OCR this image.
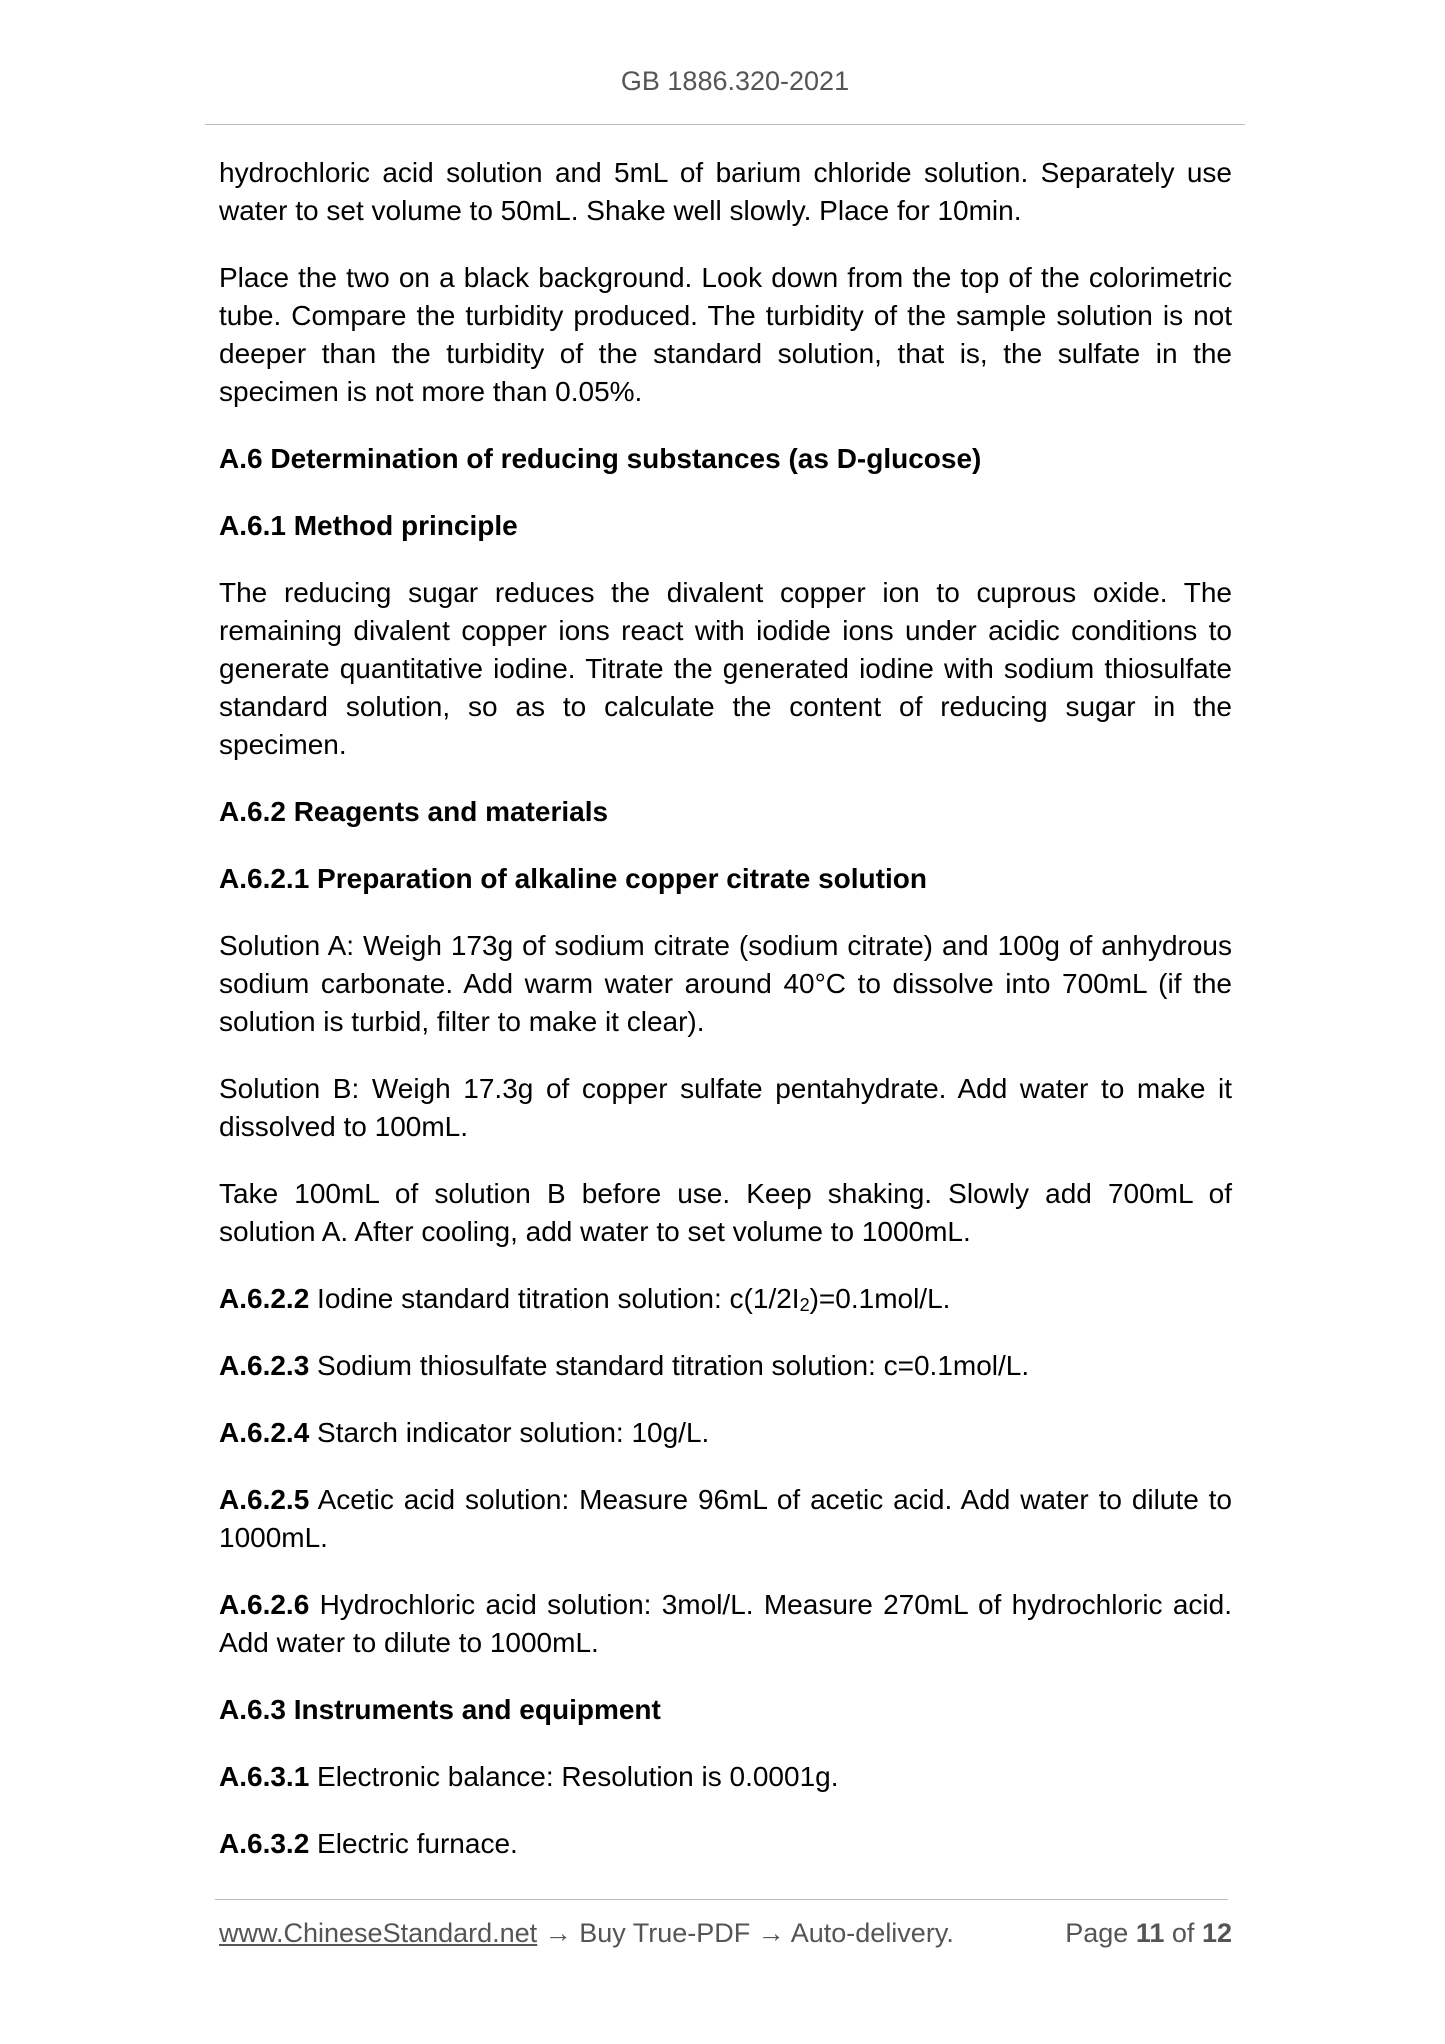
GB 1886.320-2021

hydrochloric acid solution and 5mL of barium chloride solution. Separately use water to set volume to 50mL. Shake well slowly. Place for 10min.

Place the two on a black background. Look down from the top of the colorimetric tube. Compare the turbidity produced. The turbidity of the sample solution is not deeper than the turbidity of the standard solution, that is, the sulfate in the specimen is not more than 0.05%.

A.6 Determination of reducing substances (as D-glucose)
A.6.1 Method principle

The reducing sugar reduces the divalent copper ion to cuprous oxide. The remaining divalent copper ions react with iodide ions under acidic conditions to generate quantitative iodine. Titrate the generated iodine with sodium thiosulfate standard solution, so as to calculate the content of reducing sugar in the specimen.

A.6.2 Reagents and materials
A.6.2.1 Preparation of alkaline copper citrate solution

Solution A: Weigh 173g of sodium citrate (sodium citrate) and 100g of anhydrous sodium carbonate. Add warm water around 40°C to dissolve into 700mL (if the solution is turbid, filter to make it clear).

Solution B: Weigh 17.3g of copper sulfate pentahydrate. Add water to make it dissolved to 100mL.

Take 100mL of solution B before use. Keep shaking. Slowly add 700mL of solution A. After cooling, add water to set volume to 1000mL.

A.6.2.2 Iodine standard titration solution: c(1/2I2)=0.1mol/L.

A.6.2.3 Sodium thiosulfate standard titration solution: c=0.1mol/L.

A.6.2.4 Starch indicator solution: 10g/L.

A.6.2.5 Acetic acid solution: Measure 96mL of acetic acid. Add water to dilute to 1000mL.

A.6.2.6 Hydrochloric acid solution: 3mol/L. Measure 270mL of hydrochloric acid. Add water to dilute to 1000mL.

A.6.3 Instruments and equipment

A.6.3.1 Electronic balance: Resolution is 0.0001g.

A.6.3.2 Electric furnace.

www.ChineseStandard.net → Buy True-PDF → Auto-delivery.	Page 11 of 12
